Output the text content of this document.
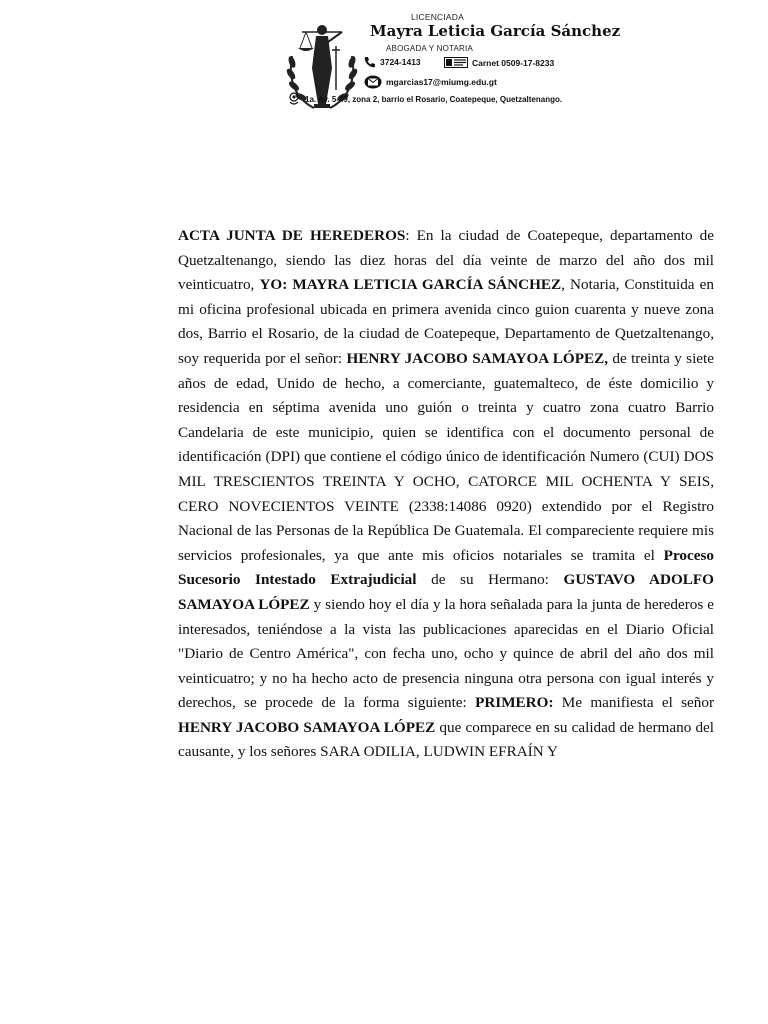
LICENCIADA
Mayra Leticia García Sánchez
ABOGADA Y NOTARIA
3724-1413	Carnet 0509-17-8233
mgarcias17@miumg.edu.gt
1a. Av. 5-49, zona 2, barrio el Rosario, Coatepeque, Quetzaltenango.

ACTA JUNTA DE HEREDEROS: En la ciudad de Coatepeque, departamento de Quetzaltenango, siendo las diez horas del día veinte de marzo del año dos mil veinticuatro, YO: MAYRA LETICIA GARCÍA SÁNCHEZ, Notaria, Constituida en mi oficina profesional ubicada en primera avenida cinco guion cuarenta y nueve zona dos, Barrio el Rosario, de la ciudad de Coatepeque, Departamento de Quetzaltenango, soy requerida por el señor: HENRY JACOBO SAMAYOA LÓPEZ, de treinta y siete años de edad, Unido de hecho, a comerciante, guatemalteco, de éste domicilio y residencia en séptima avenida uno guión o treinta y cuatro zona cuatro Barrio Candelaria de este municipio, quien se identifica con el documento personal de identificación (DPI) que contiene el código único de identificación Numero (CUI) DOS MIL TRESCIENTOS TREINTA Y OCHO, CATORCE MIL OCHENTA Y SEIS, CERO NOVECIENTOS VEINTE (2338:14086 0920) extendido por el Registro Nacional de las Personas de la República De Guatemala. El compareciente requiere mis servicios profesionales, ya que ante mis oficios notariales se tramita el Proceso Sucesorio Intestado Extrajudicial de su Hermano: GUSTAVO ADOLFO SAMAYOA LÓPEZ y siendo hoy el día y la hora señalada para la junta de herederos e interesados, teniéndose a la vista las publicaciones aparecidas en el Diario Oficial "Diario de Centro América", con fecha uno, ocho y quince de abril del año dos mil veinticuatro; y no ha hecho acto de presencia ninguna otra persona con igual interés y derechos, se procede de la forma siguiente: PRIMERO: Me manifiesta el señor HENRY JACOBO SAMAYOA LÓPEZ que comparece en su calidad de hermano del causante, y los señores SARA ODILIA, LUDWIN EFRAÍN Y
